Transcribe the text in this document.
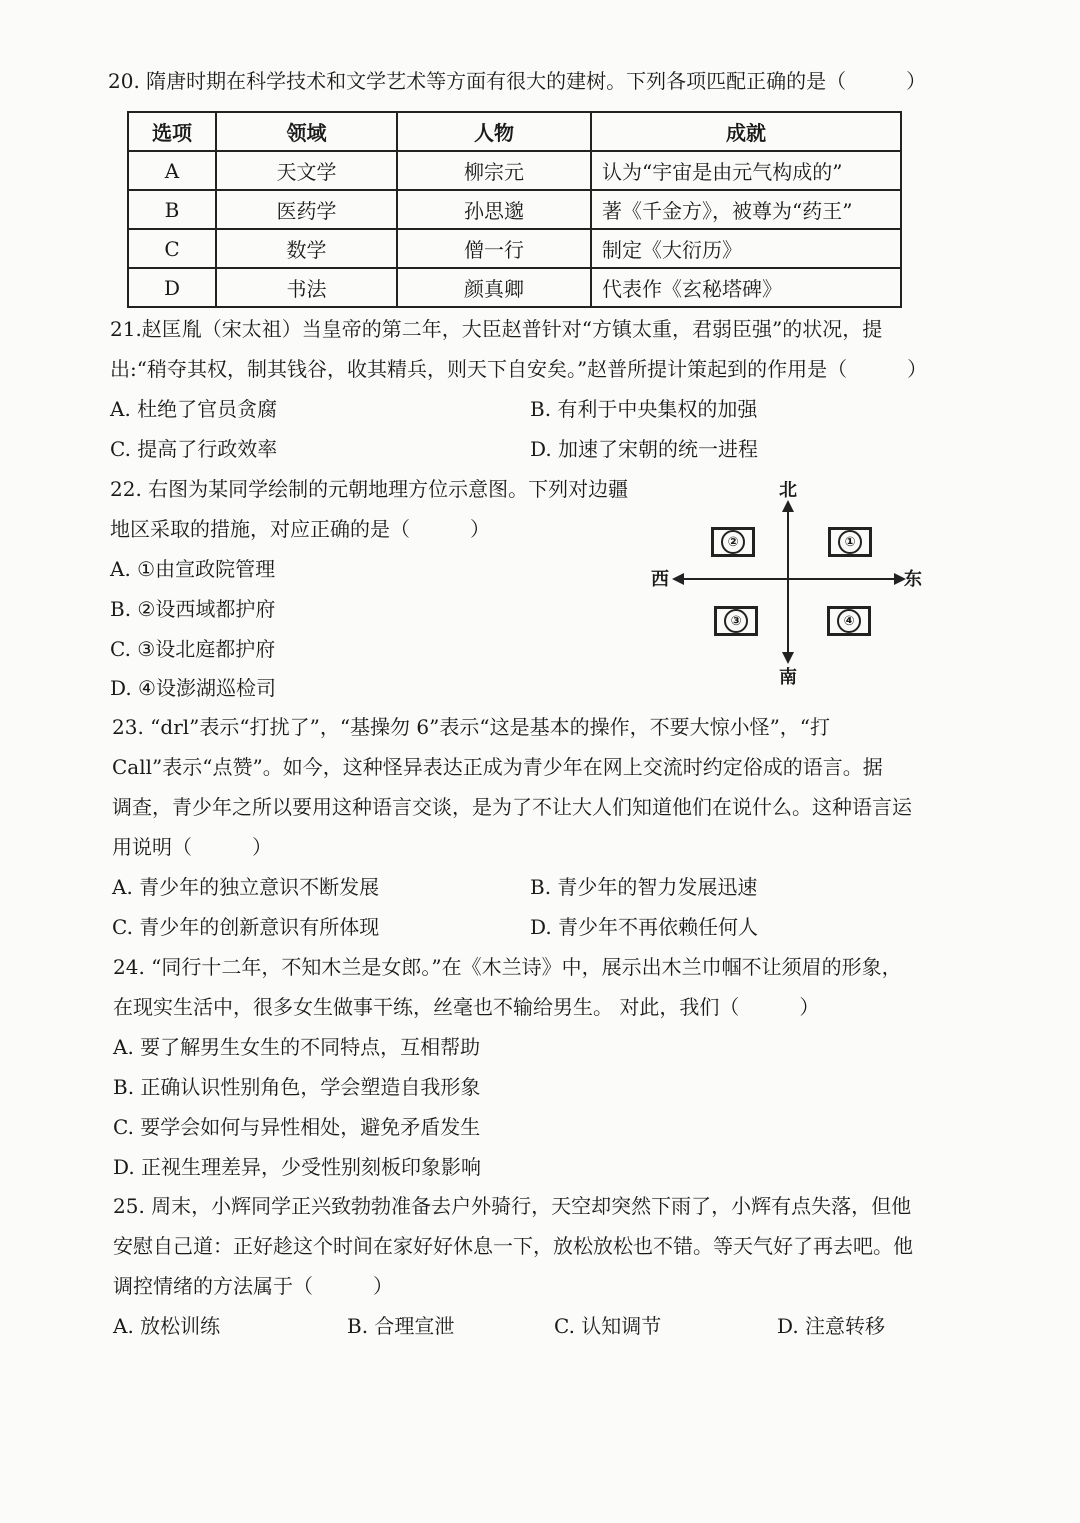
20. 隋唐时期在科学技术和文学艺术等方面有很大的建树。下列各项匹配正确的是（　　　）
选项	领域	人物	成就
A	天文学	柳宗元	认为“宇宙是由元气构成的”
B	医药学	孙思邈	著《千金方》，被尊为“药王”
C	数学	僧一行	制定《大衍历》
D	书法	颜真卿	代表作《玄秘塔碑》
21.赵匡胤（宋太祖）当皇帝的第二年，大臣赵普针对“方镇太重，君弱臣强”的状况，提
出:“稍夺其权，制其钱谷，收其精兵，则天下自安矣。”赵普所提计策起到的作用是（　　　）
A. 杜绝了官员贪腐	B. 有利于中央集权的加强
C. 提高了行政效率	D. 加速了宋朝的统一进程
22. 右图为某同学绘制的元朝地理方位示意图。下列对边疆
地区采取的措施，对应正确的是（　　　）
A. ①由宣政院管理
B. ②设西域都护府
C. ③设北庭都护府
D. ④设澎湖巡检司
北
南
西	东
②	①
③	④
23. “drl”表示“打扰了”，“基操勿 6”表示“这是基本的操作，不要大惊小怪”，“打
Call”表示“点赞”。如今，这种怪异表达正成为青少年在网上交流时约定俗成的语言。据
调查，青少年之所以要用这种语言交谈，是为了不让大人们知道他们在说什么。这种语言运
用说明（　　　）
A. 青少年的独立意识不断发展	B. 青少年的智力发展迅速
C. 青少年的创新意识有所体现	D. 青少年不再依赖任何人
24. “同行十二年，不知木兰是女郎。”在《木兰诗》中，展示出木兰巾帼不让须眉的形象，
在现实生活中，很多女生做事干练，丝毫也不输给男生。 对此，我们（　　　）
A. 要了解男生女生的不同特点，互相帮助
B. 正确认识性别角色，学会塑造自我形象
C. 要学会如何与异性相处，避免矛盾发生
D. 正视生理差异，少受性别刻板印象影响
25. 周末，小辉同学正兴致勃勃准备去户外骑行，天空却突然下雨了，小辉有点失落，但他
安慰自己道：正好趁这个时间在家好好休息一下，放松放松也不错。等天气好了再去吧。他
调控情绪的方法属于（　　　）
A. 放松训练	B. 合理宣泄	C. 认知调节	D. 注意转移
